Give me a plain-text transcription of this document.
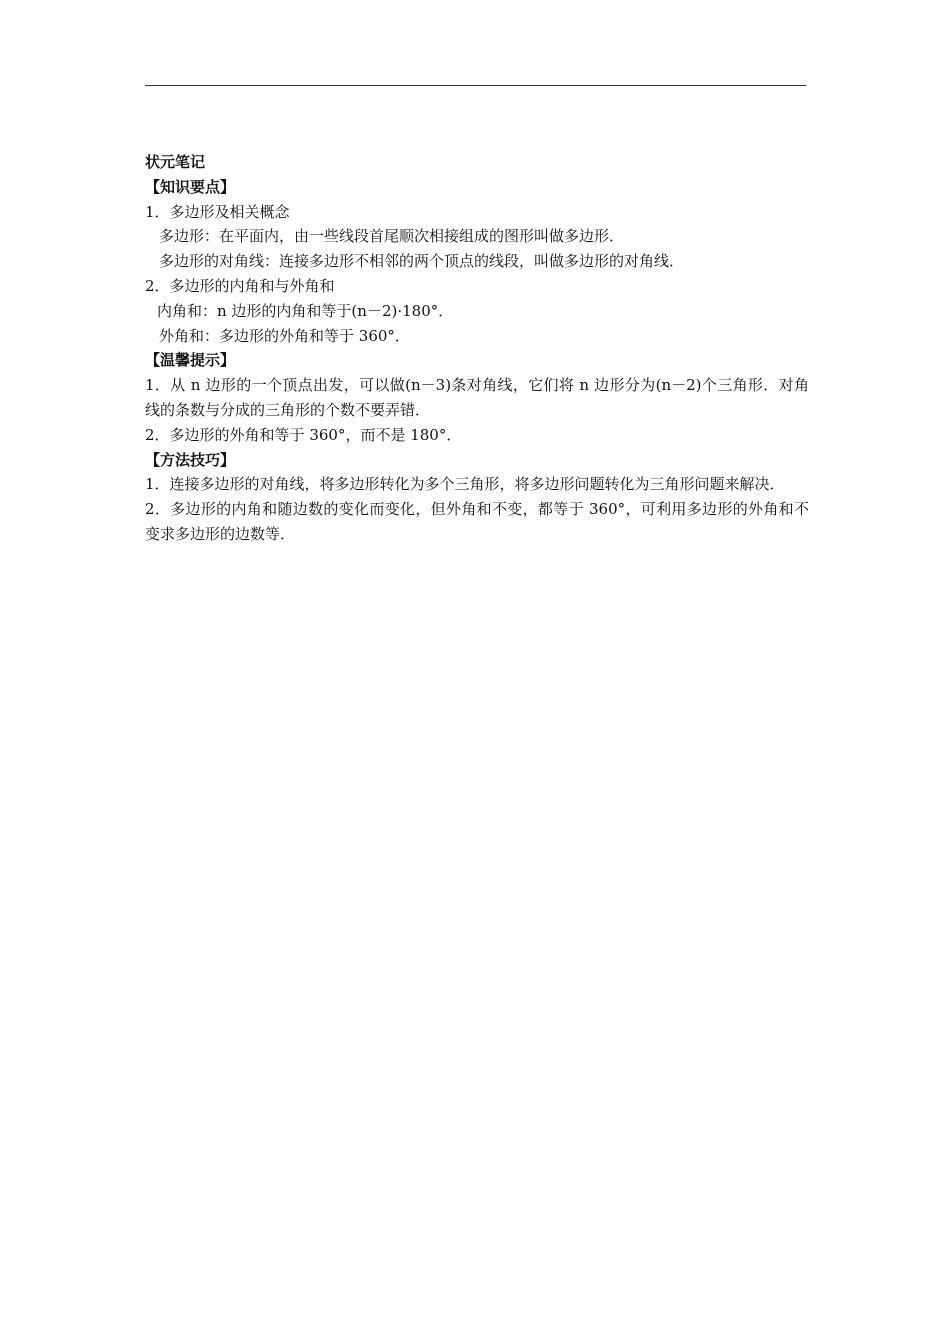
状元笔记
【知识要点】
1．多边形及相关概念
多边形：在平面内，由一些线段首尾顺次相接组成的图形叫做多边形．
多边形的对角线：连接多边形不相邻的两个顶点的线段，叫做多边形的对角线．
2．多边形的内角和与外角和
内角和：n 边形的内角和等于(n－2)·180°．
外角和：多边形的外角和等于 360°．
【温馨提示】
1．从 n 边形的一个顶点出发，可以做(n－3)条对角线，它们将 n 边形分为(n－2)个三角形．对角线的条数与分成的三角形的个数不要弄错．
2．多边形的外角和等于 360°，而不是 180°．
【方法技巧】
1．连接多边形的对角线，将多边形转化为多个三角形，将多边形问题转化为三角形问题来解决．
2．多边形的内角和随边数的变化而变化，但外角和不变，都等于 360°，可利用多边形的外角和不变求多边形的边数等．
